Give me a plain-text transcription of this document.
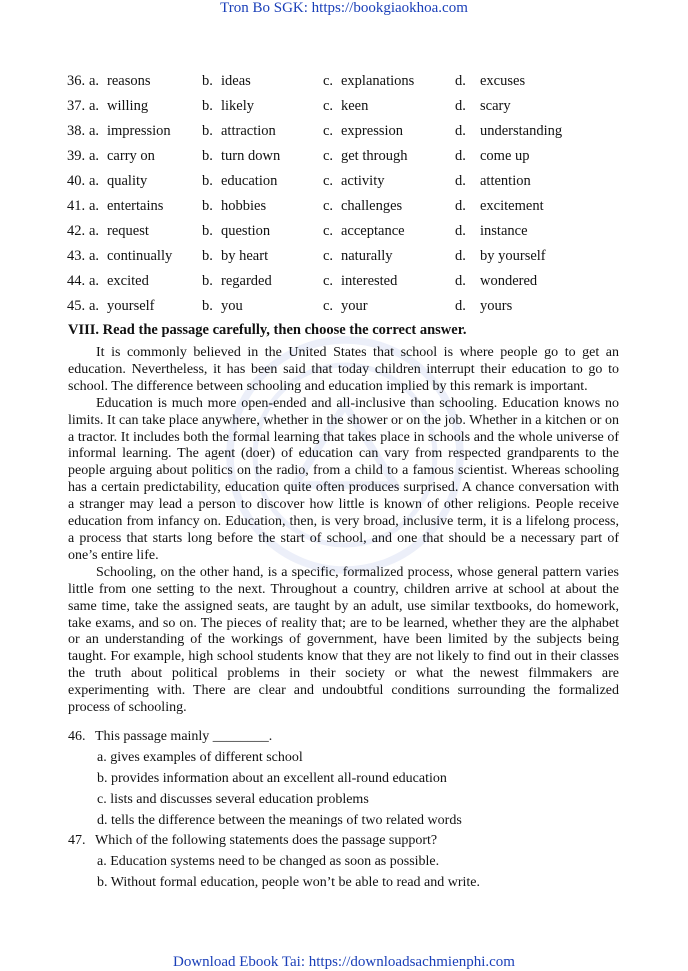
Tron Bo SGK: https://bookgiaokhoa.com
36. a. reasons	b. ideas	c. explanations	d. excuses
37. a. willing	b. likely	c. keen	d. scary
38. a. impression b. attraction	c. expression	d. understanding
39. a. carry on	b. turn down	c. get through	d. come up
40. a. quality	b. education	c. activity	d. attention
41. a. entertains	b. hobbies	c. challenges	d. excitement
42. a. request	b. question	c. acceptance	d. instance
43. a. continually b. by heart	c. naturally	d. by yourself
44. a. excited	b. regarded	c. interested	d. wondered
45. a. yourself	b. you	c. your	d. yours
VIII. Read the passage carefully, then choose the correct answer.

It is commonly believed in the United States that school is where people go to get an education. Nevertheless, it has been said that today children interrupt their education to go to school. The difference between schooling and education implied by this remark is important.

Education is much more open-ended and all-inclusive than schooling. Education knows no limits. It can take place anywhere, whether in the shower or on the job. Whether in a kitchen or on a tractor. It includes both the formal learning that takes place in schools and the whole universe of informal learning. The agent (doer) of education can vary from respected grandparents to the people arguing about politics on the radio, from a child to a famous scientist. Whereas schooling has a certain predictability, education quite often produces surprised. A chance conversation with a stranger may lead a person to discover how little is known of other religions. People receive education from infancy on. Education, then, is very broad, inclusive term, it is a lifelong process, a process that starts long before the start of school, and one that should be a necessary part of one’s entire life.

Schooling, on the other hand, is a specific, formalized process, whose general pattern varies little from one setting to the next. Throughout a country, children arrive at school at about the same time, take the assigned seats, are taught by an adult, use similar textbooks, do homework, take exams, and so on. The pieces of reality that; are to be learned, whether they are the alphabet or an understanding of the workings of government, have been limited by the subjects being taught. For example, high school students know that they are not likely to find out in their classes the truth about political problems in their society or what the newest filmmakers are experimenting with. There are clear and undoubtful conditions surrounding the formalized process of schooling.

46. This passage mainly ________.
a. gives examples of different school
b. provides information about an excellent all-round education
c. lists and discusses several education problems
d. tells the difference between the meanings of two related words
47. Which of the following statements does the passage support?
a. Education systems need to be changed as soon as possible.
b. Without formal education, people won’t be able to read and write.
Download Ebook Tai: https://downloadsachmienphi.com
